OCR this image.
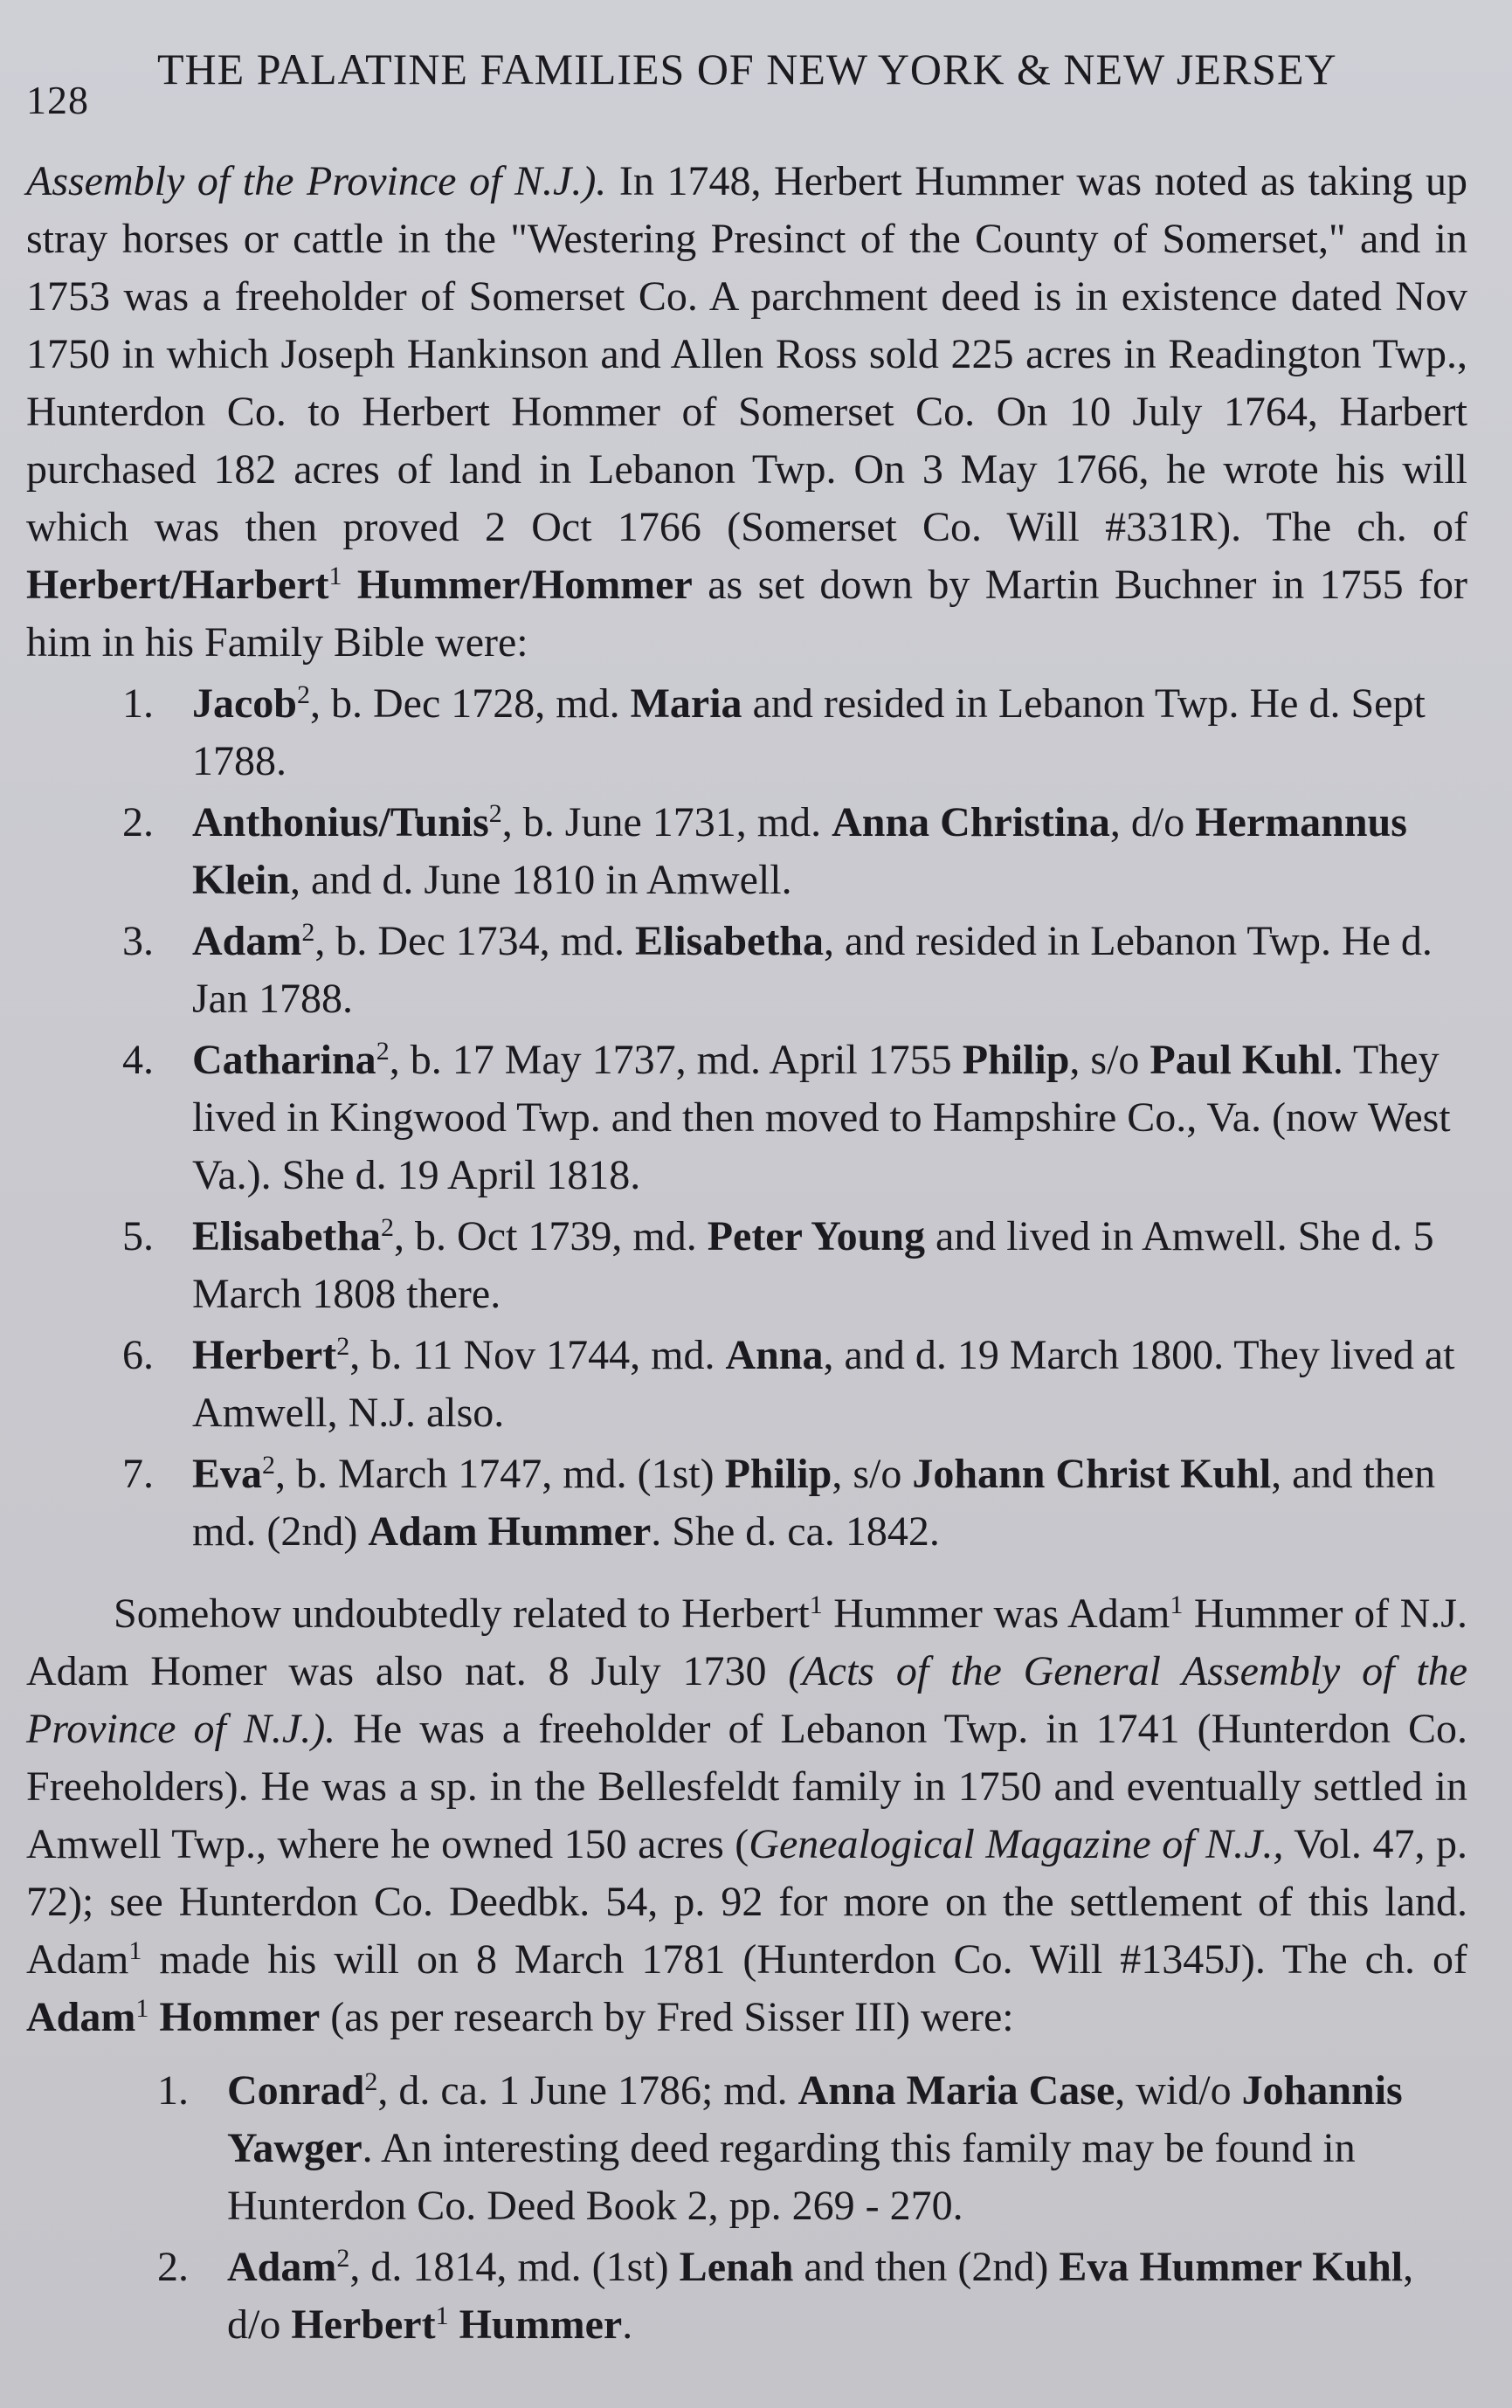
128
THE PALATINE FAMILIES OF NEW YORK & NEW JERSEY

Assembly of the Province of N.J.). In 1748, Herbert Hummer was noted as taking up stray horses or cattle in the "Westering Presinct of the County of Somerset," and in 1753 was a freeholder of Somerset Co. A parchment deed is in existence dated Nov 1750 in which Joseph Hankinson and Allen Ross sold 225 acres in Readington Twp., Hunterdon Co. to Herbert Hommer of Somerset Co. On 10 July 1764, Harbert purchased 182 acres of land in Lebanon Twp. On 3 May 1766, he wrote his will which was then proved 2 Oct 1766 (Somerset Co. Will #331R). The ch. of Herbert/Harbert$^1$ Hummer/Hommer as set down by Martin Buchner in 1755 for him in his Family Bible were:

1. Jacob$^2$, b. Dec 1728, md. Maria and resided in Lebanon Twp. He d. Sept 1788.
2. Anthonius/Tunis$^2$, b. June 1731, md. Anna Christina, d/o Hermannus Klein, and d. June 1810 in Amwell.
3. Adam$^2$, b. Dec 1734, md. Elisabetha, and resided in Lebanon Twp. He d. Jan 1788.
4. Catharina$^2$, b. 17 May 1737, md. April 1755 Philip, s/o Paul Kuhl. They lived in Kingwood Twp. and then moved to Hampshire Co., Va. (now West Va.). She d. 19 April 1818.
5. Elisabetha$^2$, b. Oct 1739, md. Peter Young and lived in Amwell. She d. 5 March 1808 there.
6. Herbert$^2$, b. 11 Nov 1744, md. Anna, and d. 19 March 1800. They lived at Amwell, N.J. also.
7. Eva$^2$, b. March 1747, md. (1st) Philip, s/o Johann Christ Kuhl, and then md. (2nd) Adam Hummer. She d. ca. 1842.

Somehow undoubtedly related to Herbert$^1$ Hummer was Adam$^1$ Hummer of N.J. Adam Homer was also nat. 8 July 1730 (Acts of the General Assembly of the Province of N.J.). He was a freeholder of Lebanon Twp. in 1741 (Hunterdon Co. Freeholders). He was a sp. in the Bellesfeldt family in 1750 and eventually settled in Amwell Twp., where he owned 150 acres (Genealogical Magazine of N.J., Vol. 47, p. 72); see Hunterdon Co. Deedbk. 54, p. 92 for more on the settlement of this land. Adam$^1$ made his will on 8 March 1781 (Hunterdon Co. Will #1345J). The ch. of Adam$^1$ Hommer (as per research by Fred Sisser III) were:

1. Conrad$^2$, d. ca. 1 June 1786; md. Anna Maria Case, wid/o Johannis Yawger. An interesting deed regarding this family may be found in Hunterdon Co. Deed Book 2, pp. 269 - 270.
2. Adam$^2$, d. 1814, md. (1st) Lenah and then (2nd) Eva Hummer Kuhl, d/o Herbert$^1$ Hummer.
